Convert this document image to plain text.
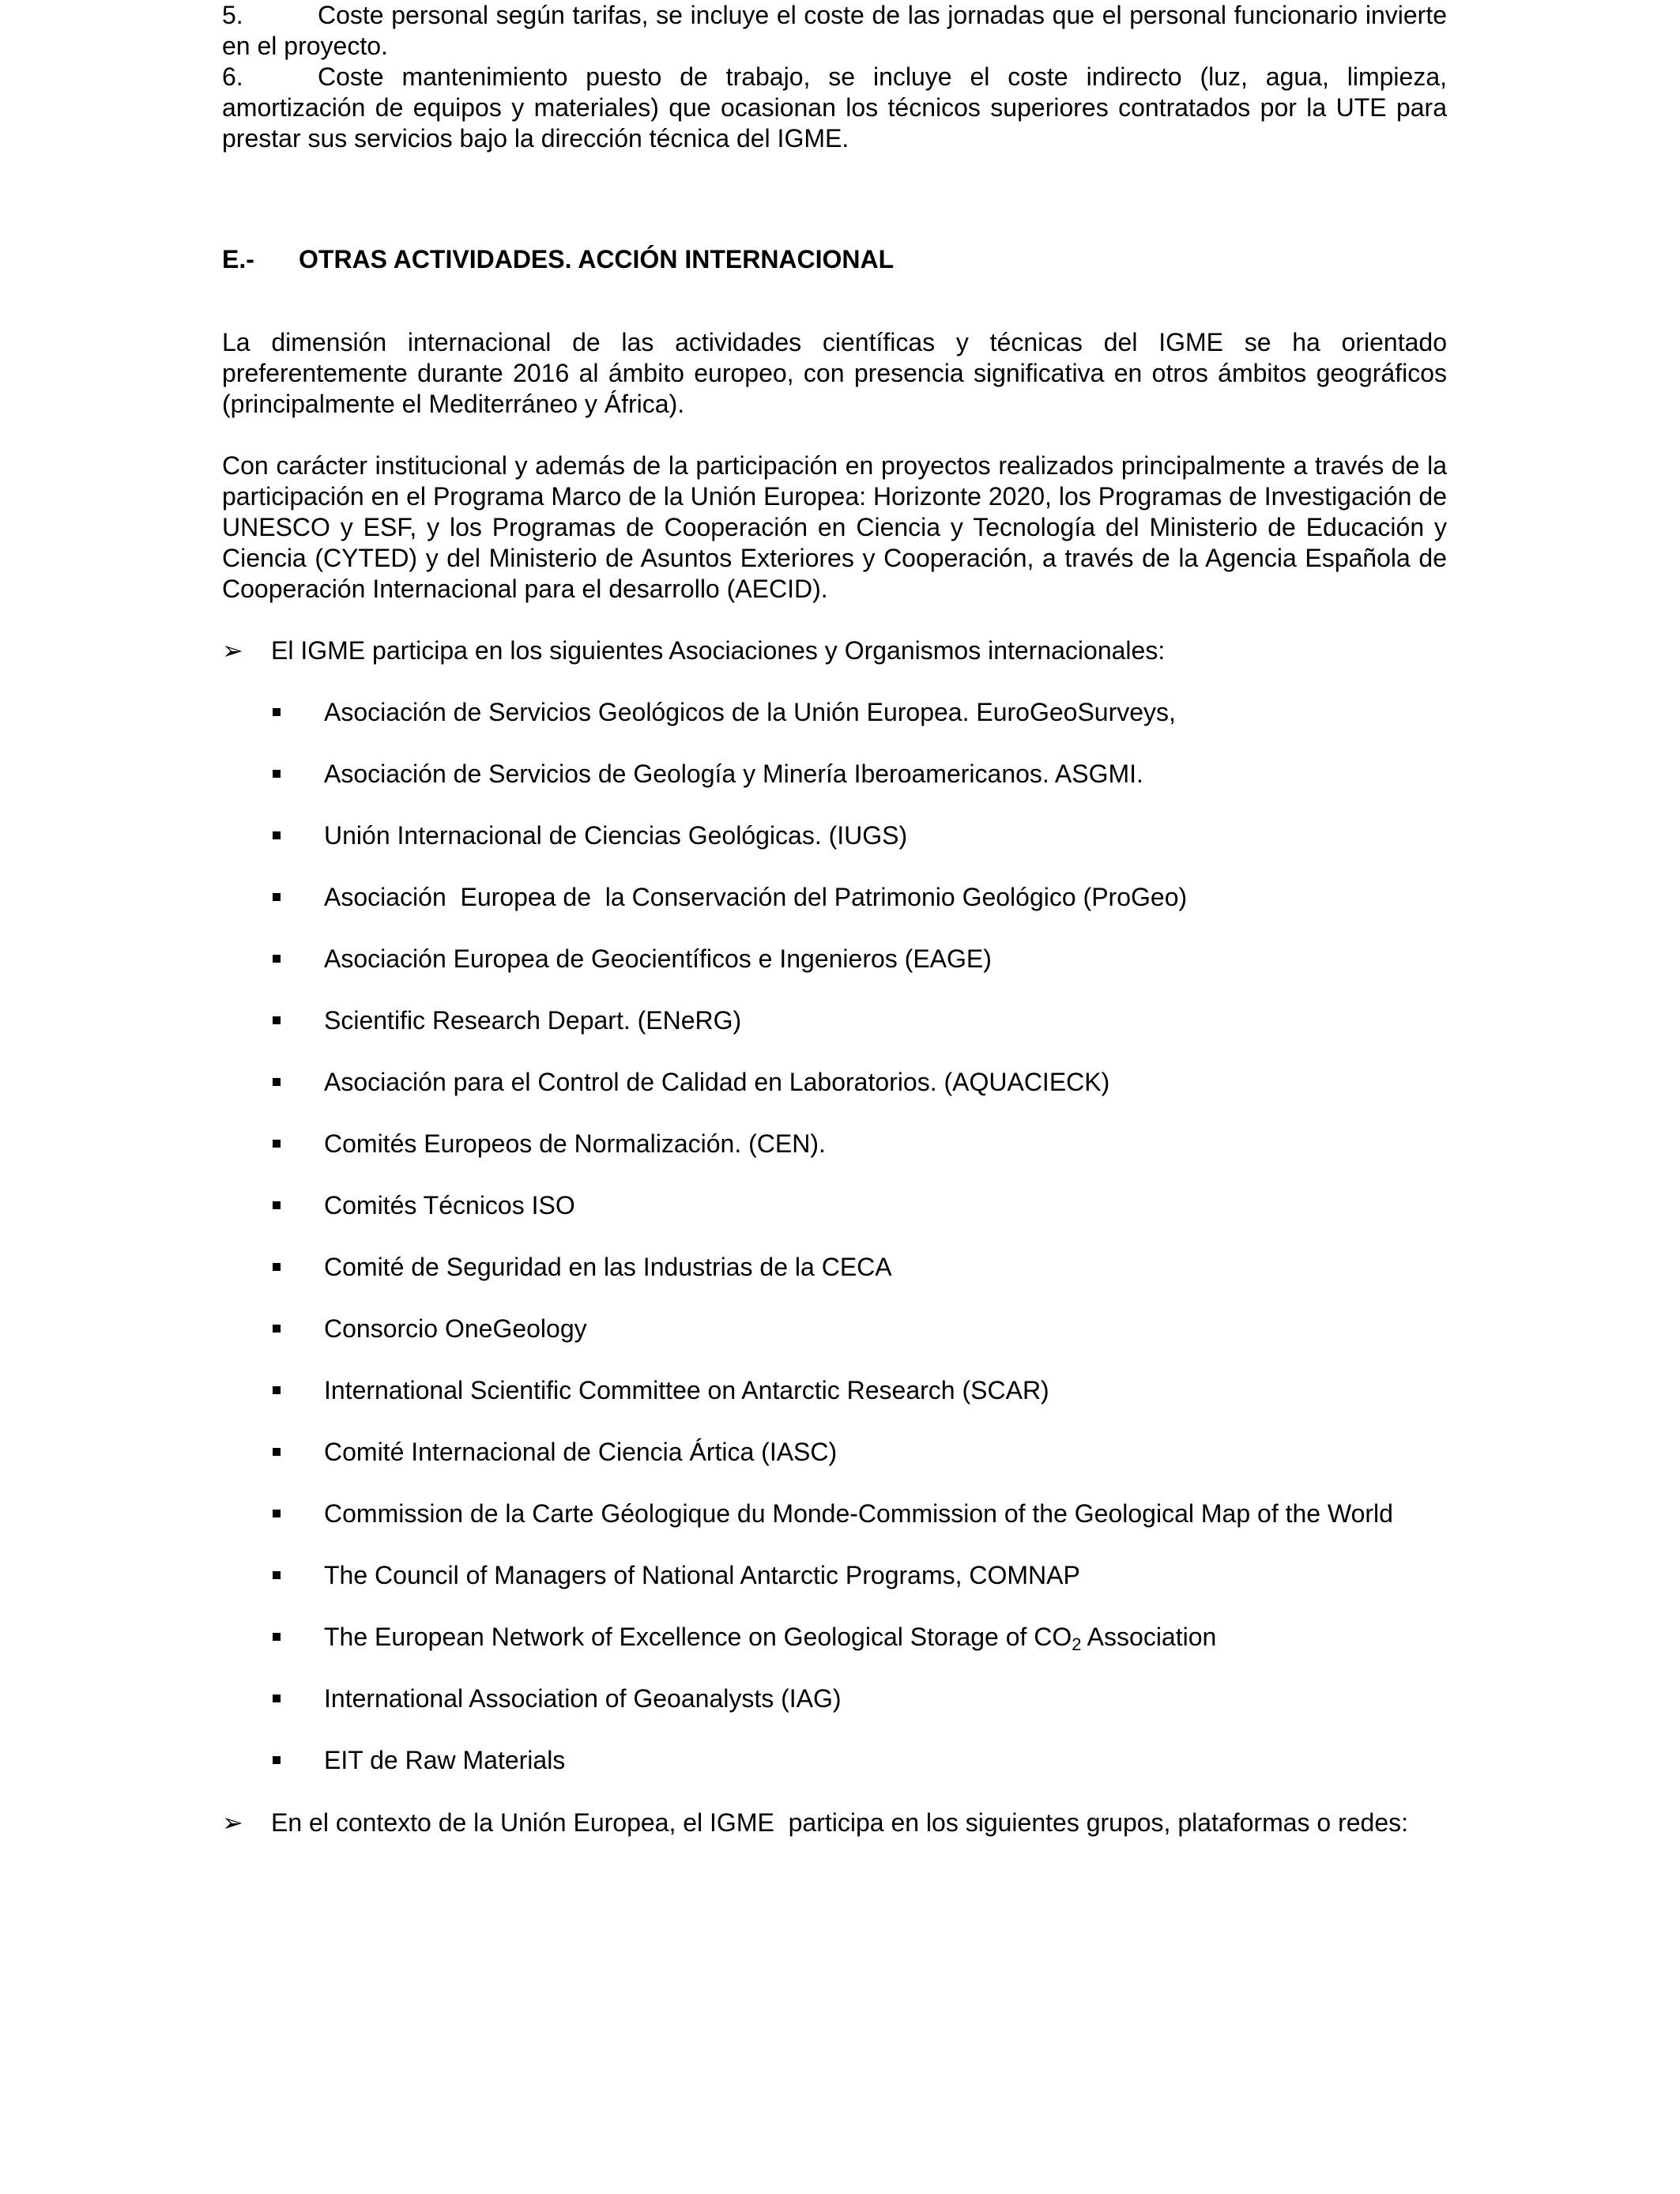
5.	Coste personal según tarifas, se incluye el coste de las jornadas que el personal funcionario invierte en el proyecto.
6.	Coste mantenimiento puesto de trabajo, se incluye el coste indirecto (luz, agua, limpieza, amortización de equipos y materiales) que ocasionan los técnicos superiores contratados por la UTE para prestar sus servicios bajo la dirección técnica del IGME.
E.- OTRAS ACTIVIDADES. ACCIÓN INTERNACIONAL

La dimensión internacional de las actividades científicas y técnicas del IGME se ha orientado preferentemente durante 2016 al ámbito europeo, con presencia significativa en otros ámbitos geográficos (principalmente el Mediterráneo y África).

Con carácter institucional y además de la participación en proyectos realizados principalmente a través de la participación en el Programa Marco de la Unión Europea: Horizonte 2020, los Programas de Investigación de UNESCO y ESF, y los Programas de Cooperación en Ciencia y Tecnología del Ministerio de Educación y Ciencia (CYTED) y del Ministerio de Asuntos Exteriores y Cooperación, a través de la Agencia Española de Cooperación Internacional para el desarrollo (AECID).

➢ El IGME participa en los siguientes Asociaciones y Organismos internacionales:
Asociación de Servicios Geológicos de la Unión Europea. EuroGeoSurveys,
Asociación de Servicios de Geología y Minería Iberoamericanos. ASGMI.
Unión Internacional de Ciencias Geológicas. (IUGS)
Asociación  Europea de  la Conservación del Patrimonio Geológico (ProGeo)
Asociación Europea de Geocientíficos e Ingenieros (EAGE)
Scientific Research Depart. (ENeRG)
Asociación para el Control de Calidad en Laboratorios. (AQUACIECK)
Comités Europeos de Normalización. (CEN).
Comités Técnicos ISO
Comité de Seguridad en las Industrias de la CECA
Consorcio OneGeology
International Scientific Committee on Antarctic Research (SCAR)
Comité Internacional de Ciencia Ártica (IASC)
Commission de la Carte Géologique du Monde-Commission of the Geological Map of the World
The Council of Managers of National Antarctic Programs, COMNAP
The European Network of Excellence on Geological Storage of $CO_2$ Association
International Association of Geoanalysts (IAG)
EIT de Raw Materials
➢ En el contexto de la Unión Europea, el IGME  participa en los siguientes grupos, plataformas o redes:
